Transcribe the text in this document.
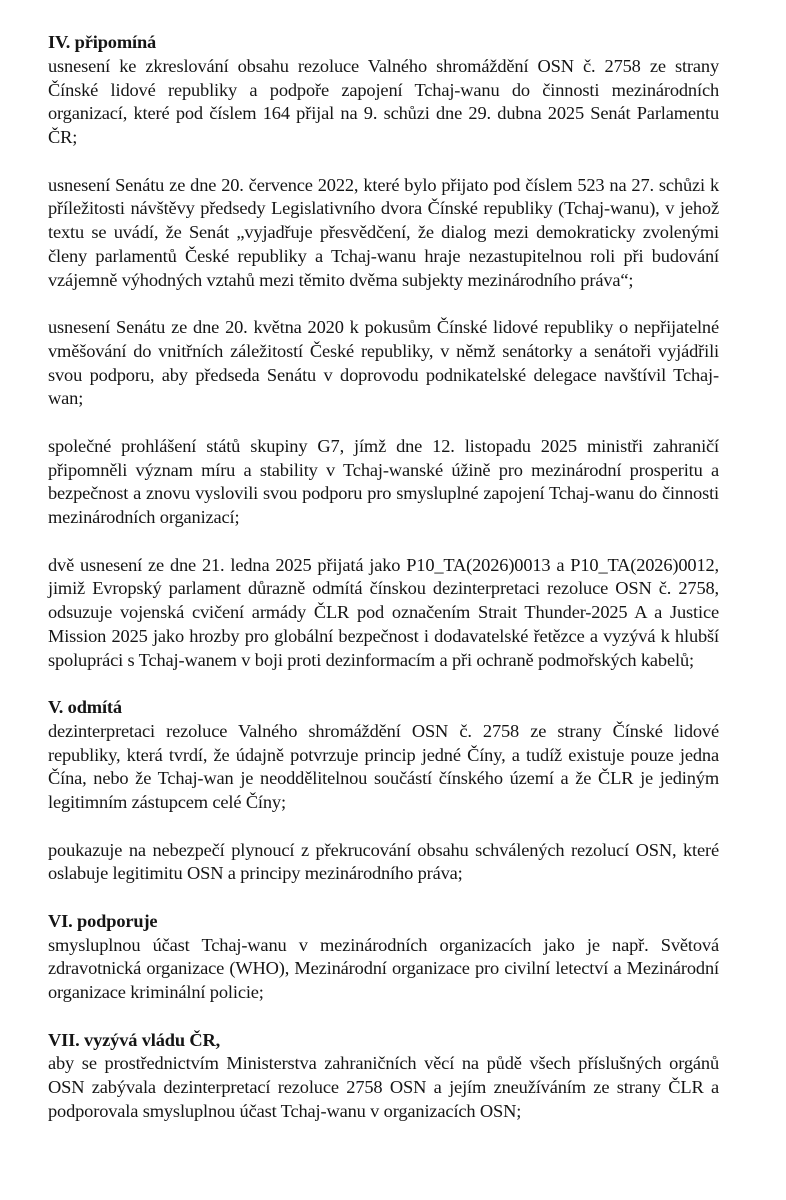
IV. připomíná

usnesení ke zkreslování obsahu rezoluce Valného shromáždění OSN č. 2758 ze strany Čínské lidové republiky a podpoře zapojení Tchaj-wanu do činnosti mezinárodních organizací, které pod číslem 164 přijal na 9. schůzi dne 29. dubna 2025 Senát Parlamentu ČR;

usnesení Senátu ze dne 20. července 2022, které bylo přijato pod číslem 523 na 27. schůzi k příležitosti návštěvy předsedy Legislativního dvora Čínské republiky (Tchaj-wanu), v jehož textu se uvádí, že Senát „vyjadřuje přesvědčení, že dialog mezi demokraticky zvolenými členy parlamentů České republiky a Tchaj-wanu hraje nezastupitelnou roli při budování vzájemně výhodných vztahů mezi těmito dvěma subjekty mezinárodního práva“;

usnesení Senátu ze dne 20. května 2020 k pokusům Čínské lidové republiky o nepřijatelné vměšování do vnitřních záležitostí České republiky, v němž senátorky a senátoři vyjádřili svou podporu, aby předseda Senátu v doprovodu podnikatelské delegace navštívil Tchaj-wan;

společné prohlášení států skupiny G7, jímž dne 12. listopadu 2025 ministři zahraničí připomněli význam míru a stability v Tchaj-wanské úžině pro mezinárodní prosperitu a bezpečnost a znovu vyslovili svou podporu pro smysluplné zapojení Tchaj-wanu do činnosti mezinárodních organizací;

dvě usnesení ze dne 21. ledna 2025 přijatá jako P10_TA(2026)0013 a P10_TA(2026)0012, jimiž Evropský parlament důrazně odmítá čínskou dezinterpretaci rezoluce OSN č. 2758, odsuzuje vojenská cvičení armády ČLR pod označením Strait Thunder-2025 A a Justice Mission 2025 jako hrozby pro globální bezpečnost i dodavatelské řetězce a vyzývá k hlubší spolupráci s Tchaj-wanem v boji proti dezinformacím a při ochraně podmořských kabelů;

V. odmítá

dezinterpretaci rezoluce Valného shromáždění OSN č. 2758 ze strany Čínské lidové republiky, která tvrdí, že údajně potvrzuje princip jedné Číny, a tudíž existuje pouze jedna Čína, nebo že Tchaj-wan je neoddělitelnou součástí čínského území a že ČLR je jediným legitimním zástupcem celé Číny;

poukazuje na nebezpečí plynoucí z překrucování obsahu schválených rezolucí OSN, které oslabuje legitimitu OSN a principy mezinárodního práva;

VI. podporuje

smysluplnou účast Tchaj-wanu v mezinárodních organizacích jako je např. Světová zdravotnická organizace (WHO), Mezinárodní organizace pro civilní letectví a Mezinárodní organizace kriminální policie;

VII. vyzývá vládu ČR,

aby se prostřednictvím Ministerstva zahraničních věcí na půdě všech příslušných orgánů OSN zabývala dezinterpretací rezoluce 2758 OSN a jejím zneužíváním ze strany ČLR a podporovala smysluplnou účast Tchaj-wanu v organizacích OSN;
